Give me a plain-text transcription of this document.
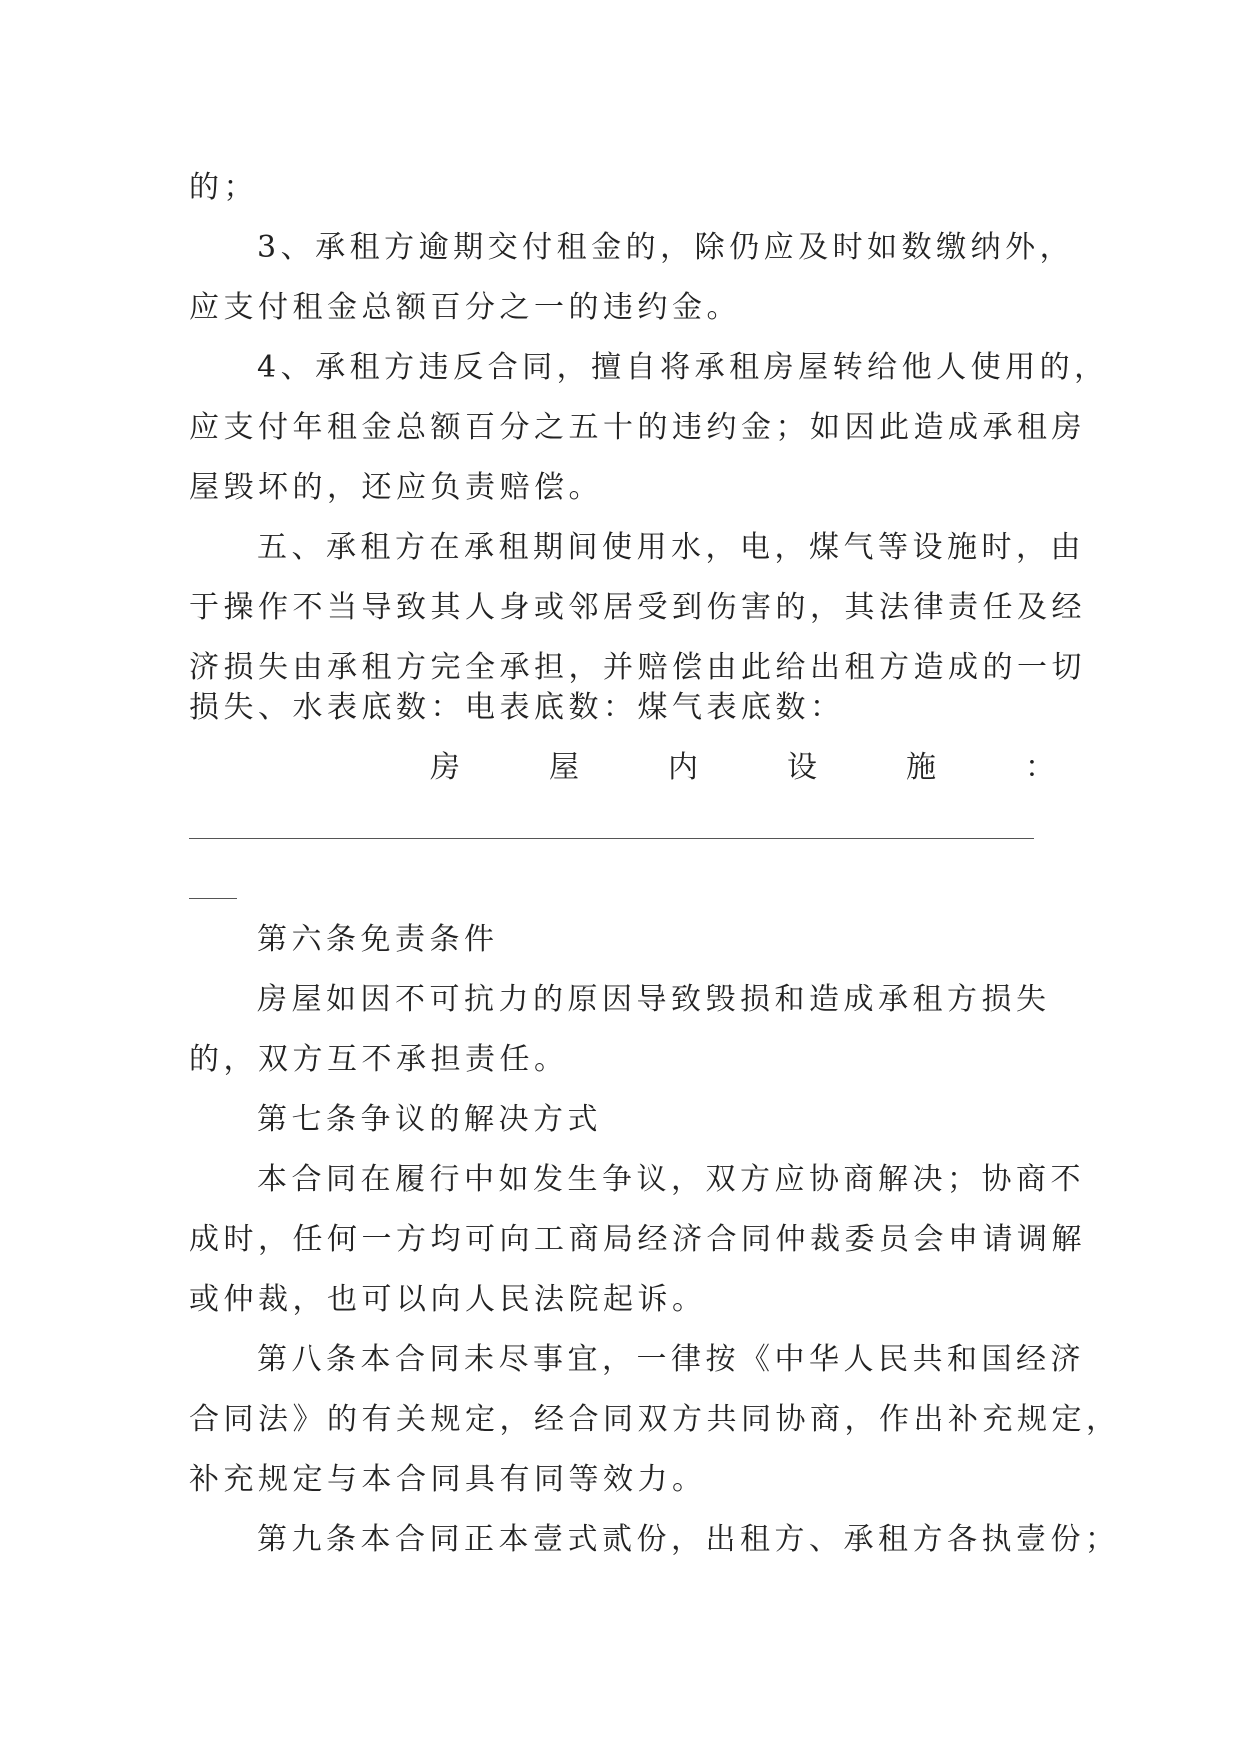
的；
3、承租方逾期交付租金的，除仍应及时如数缴纳外，
应支付租金总额百分之一的违约金。
4、承租方违反合同，擅自将承租房屋转给他人使用的，
应支付年租金总额百分之五十的违约金；如因此造成承租房
屋毁坏的，还应负责赔偿。
五、承租方在承租期间使用水，电，煤气等设施时，由
于操作不当导致其人身或邻居受到伤害的，其法律责任及经
济损失由承租方完全承担，并赔偿由此给出租方造成的一切
损失、水表底数：电表底数：煤气表底数：
房	屋	内	设	施	：
第六条免责条件
房屋如因不可抗力的原因导致毁损和造成承租方损失
的，双方互不承担责任。
第七条争议的解决方式
本合同在履行中如发生争议，双方应协商解决；协商不
成时，任何一方均可向工商局经济合同仲裁委员会申请调解
或仲裁，也可以向人民法院起诉。
第八条本合同未尽事宜，一律按《中华人民共和国经济
合同法》的有关规定，经合同双方共同协商，作出补充规定，
补充规定与本合同具有同等效力。
第九条本合同正本壹式贰份，出租方、承租方各执壹份；
